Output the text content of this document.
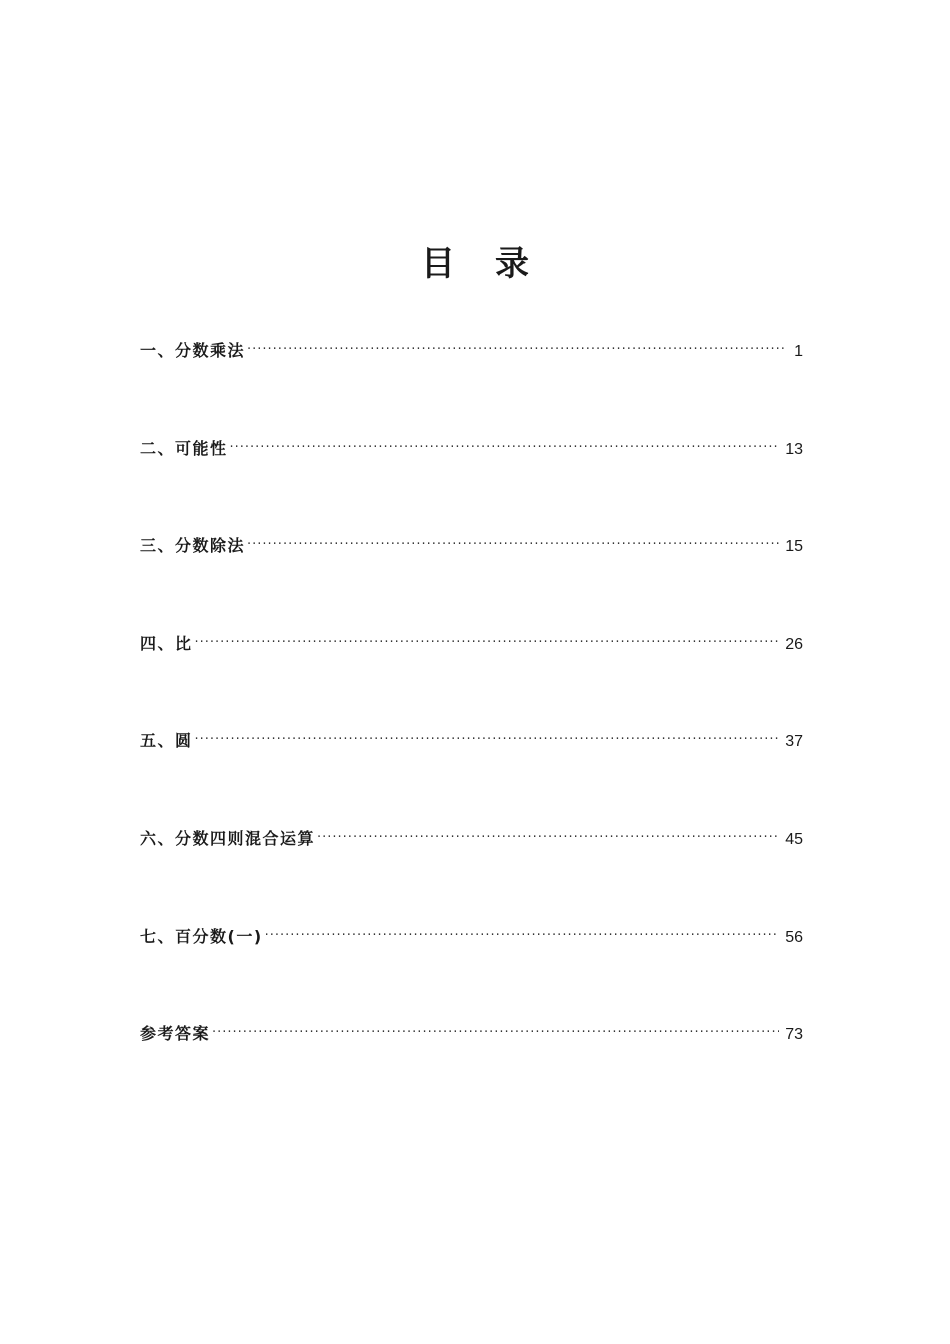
目录
一、分数乘法 ·····	1
二、可能性 ·····	13
三、分数除法 ·····	15
四、比 ·····	26
五、圆 ·····	37
六、分数四则混合运算 ·····	45
七、百分数(一) ·····	56
参考答案 ·····	73
